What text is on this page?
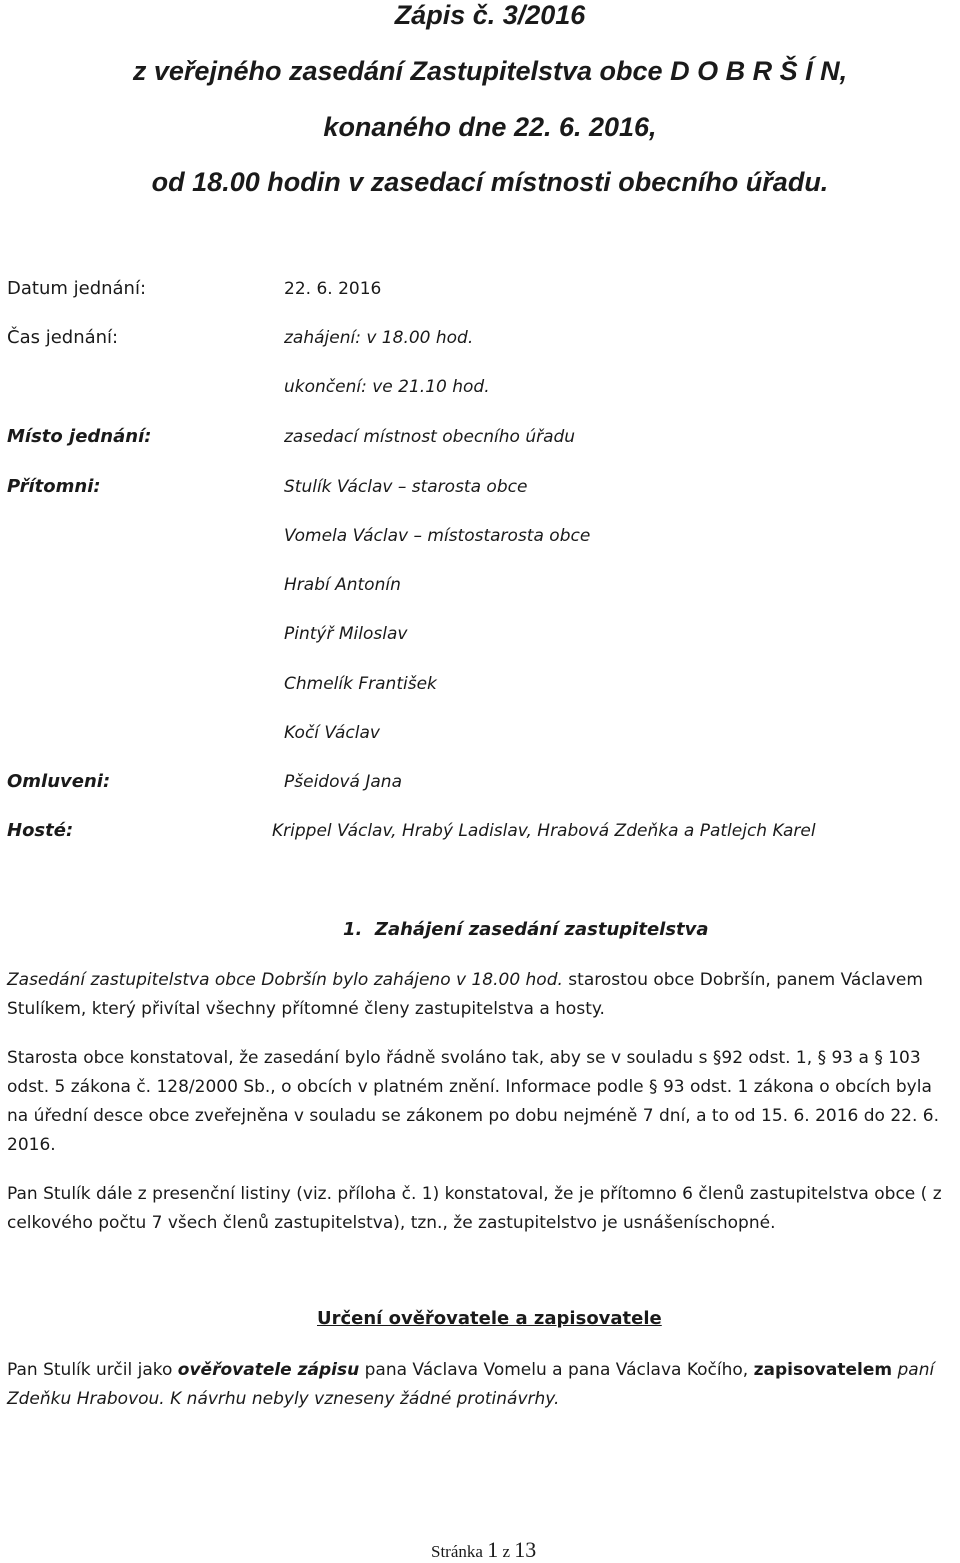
Zápis č. 3/2016
z veřejného zasedání Zastupitelstva obce D O B R Š Í N,
konaného dne 22. 6. 2016,
od 18.00 hodin v zasedací místnosti obecního úřadu.
Datum jednání:	22. 6. 2016
Čas jednání:	zahájení: v 18.00 hod.
ukončení: ve 21.10 hod.
Místo jednání:	zasedací místnost obecního úřadu
Přítomni:	Stulík Václav – starosta obce
Vomela Václav – místostarosta obce
Hrabí Antonín
Pintýř Miloslav
Chmelík František
Kočí Václav
Omluveni:	Pšeidová Jana
Hosté:	Krippel Václav, Hrabý Ladislav, Hrabová Zdeňka a Patlejch Karel
1. Zahájení zasedání zastupitelstva

Zasedání zastupitelstva obce Dobršín bylo zahájeno v 18.00 hod. starostou obce Dobršín, panem Václavem Stulíkem, který přivítal všechny přítomné členy zastupitelstva a hosty.

Starosta obce konstatoval, že zasedání bylo řádně svoláno tak, aby se v souladu s §92 odst. 1, § 93 a § 103 odst. 5 zákona č. 128/2000 Sb., o obcích v platném znění. Informace podle § 93 odst. 1 zákona o obcích byla na úřední desce obce zveřejněna v souladu se zákonem po dobu nejméně 7 dní, a to od 15. 6. 2016 do 22. 6. 2016.

Pan Stulík dále z presenční listiny (viz. příloha č. 1) konstatoval, že je přítomno 6 členů zastupitelstva obce ( z celkového počtu 7 všech členů zastupitelstva), tzn., že zastupitelstvo je usnášeníschopné.

Určení ověřovatele a zapisovatele

Pan Stulík určil jako ověřovatele zápisu pana Václava Vomelu a pana Václava Kočího, zapisovatelem paní Zdeňku Hrabovou. K návrhu nebyly vzneseny žádné protinávrhy.

Stránka 1 z 13
